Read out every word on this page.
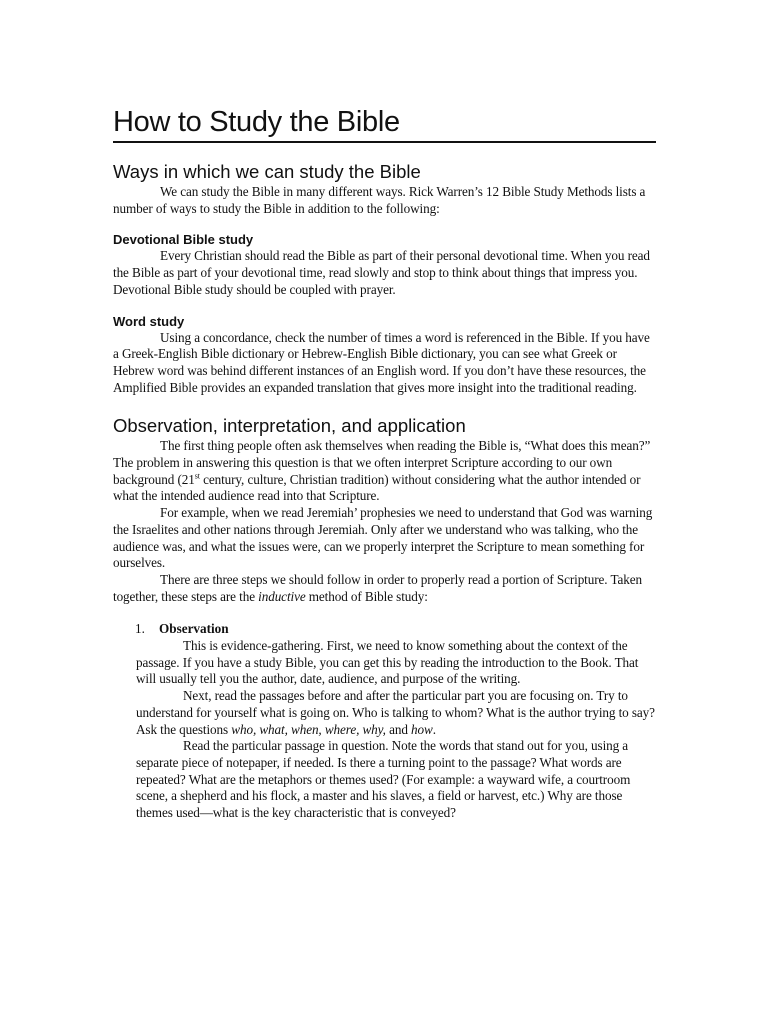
How to Study the Bible
Ways in which we can study the Bible

We can study the Bible in many different ways. Rick Warren’s 12 Bible Study Methods lists a number of ways to study the Bible in addition to the following:

Devotional Bible study

Every Christian should read the Bible as part of their personal devotional time. When you read the Bible as part of your devotional time, read slowly and stop to think about things that impress you. Devotional Bible study should be coupled with prayer.

Word study

Using a concordance, check the number of times a word is referenced in the Bible. If you have a Greek-English Bible dictionary or Hebrew-English Bible dictionary, you can see what Greek or Hebrew word was behind different instances of an English word. If you don’t have these resources, the Amplified Bible provides an expanded translation that gives more insight into the traditional reading.

Observation, interpretation, and application

The first thing people often ask themselves when reading the Bible is, “What does this mean?” The problem in answering this question is that we often interpret Scripture according to our own background (21st century, culture, Christian tradition) without considering what the author intended or what the intended audience read into that Scripture.

For example, when we read Jeremiah’ prophesies we need to understand that God was warning the Israelites and other nations through Jeremiah. Only after we understand who was talking, who the audience was, and what the issues were, can we properly interpret the Scripture to mean something for ourselves.

There are three steps we should follow in order to properly read a portion of Scripture. Taken together, these steps are the inductive method of Bible study:

1. Observation

This is evidence-gathering. First, we need to know something about the context of the passage. If you have a study Bible, you can get this by reading the introduction to the Book. That will usually tell you the author, date, audience, and purpose of the writing.

Next, read the passages before and after the particular part you are focusing on. Try to understand for yourself what is going on. Who is talking to whom? What is the author trying to say? Ask the questions who, what, when, where, why, and how.

Read the particular passage in question. Note the words that stand out for you, using a separate piece of notepaper, if needed. Is there a turning point to the passage? What words are repeated? What are the metaphors or themes used? (For example: a wayward wife, a courtroom scene, a shepherd and his flock, a master and his slaves, a field or harvest, etc.) Why are those themes used—what is the key characteristic that is conveyed?
